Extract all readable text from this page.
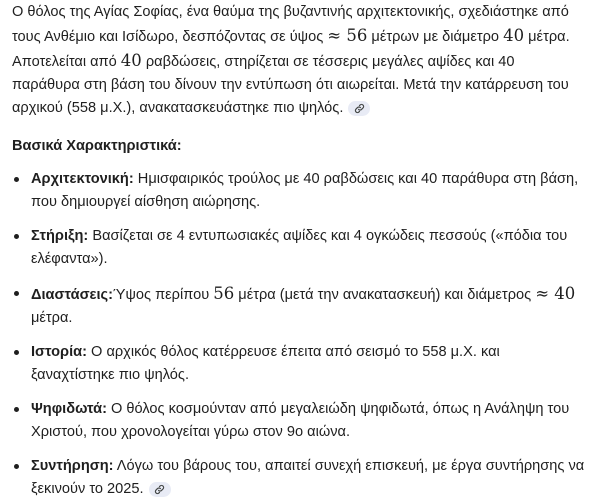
Ο θόλος της Αγίας Σοφίας, ένα θαύμα της βυζαντινής αρχιτεκτονικής, σχεδιάστηκε από τους Ανθέμιο και Ισίδωρο, δεσπόζοντας σε ύψος ≈ 56 μέτρων με διάμετρο 40 μέτρα. Αποτελείται από 40 ραβδώσεις, στηρίζεται σε τέσσερις μεγάλες αψίδες και 40 παράθυρα στη βάση του δίνουν την εντύπωση ότι αιωρείται. Μετά την κατάρρευση του αρχικού (558 μ.Χ.), ανακατασκευάστηκε πιο ψηλός.

Βασικά Χαρακτηριστικά:

Αρχιτεκτονική: Ημισφαιρικός τρούλος με 40 ραβδώσεις και 40 παράθυρα στη βάση, που δημιουργεί αίσθηση αιώρησης.
Στήριξη: Βασίζεται σε 4 εντυπωσιακές αψίδες και 4 ογκώδεις πεσσούς («πόδια του ελέφαντα»).
Διαστάσεις:Ύψος περίπου 56 μέτρα (μετά την ανακατασκευή) και διάμετρος ≈ 40 μέτρα.
Ιστορία: Ο αρχικός θόλος κατέρρευσε έπειτα από σεισμό το 558 μ.Χ. και ξαναχτίστηκε πιο ψηλός.
Ψηφιδωτά: Ο θόλος κοσμούνταν από μεγαλειώδη ψηφιδωτά, όπως η Ανάληψη του Χριστού, που χρονολογείται γύρω στον 9ο αιώνα.
Συντήρηση: Λόγω του βάρους του, απαιτεί συνεχή επισκευή, με έργα συντήρησης να ξεκινούν το 2025.
